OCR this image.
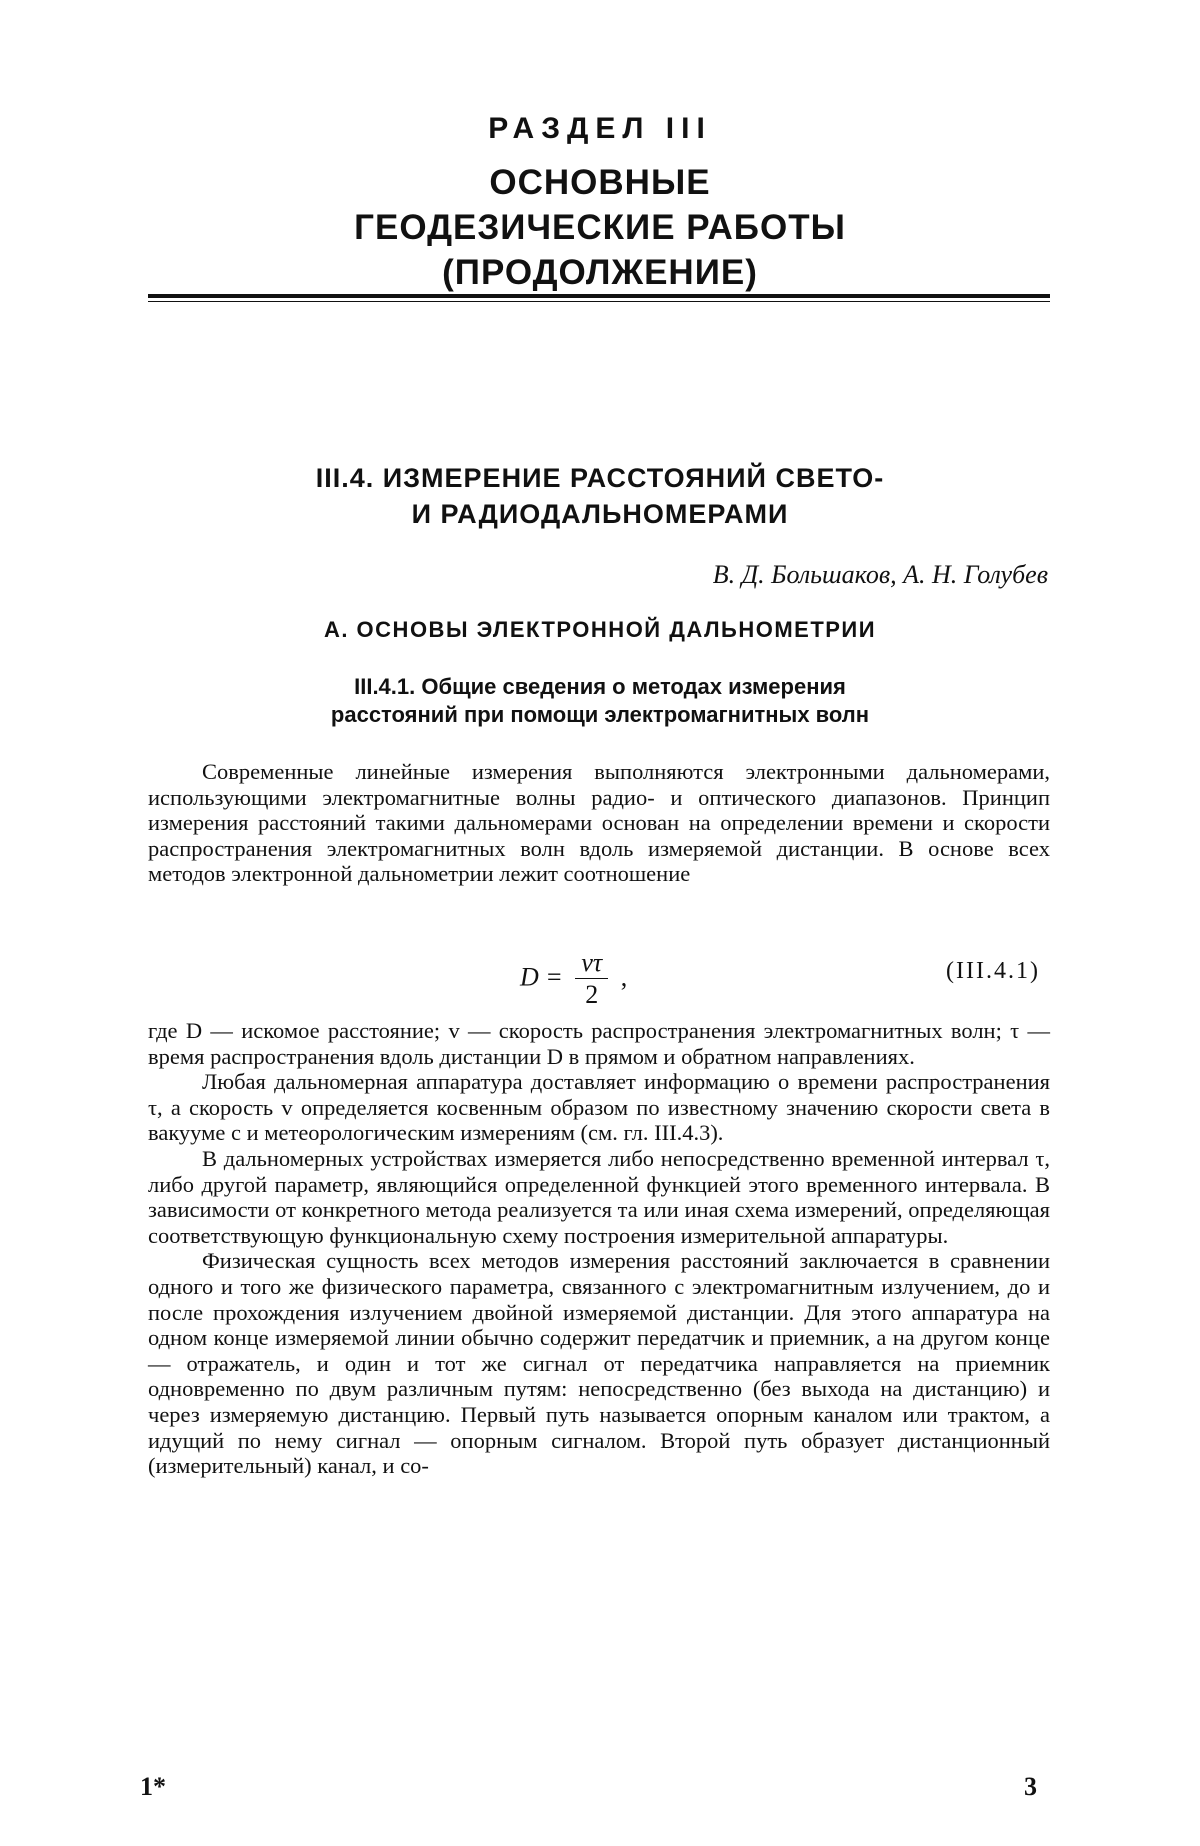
РАЗДЕЛ III
ОСНОВНЫЕ
ГЕОДЕЗИЧЕСКИЕ РАБОТЫ
(ПРОДОЛЖЕНИЕ)
III.4. ИЗМЕРЕНИЕ РАССТОЯНИЙ СВЕТО-
И РАДИОДАЛЬНОМЕРАМИ
В. Д. Большаков, А. Н. Голубев
А. ОСНОВЫ ЭЛЕКТРОННОЙ ДАЛЬНОМЕТРИИ
III.4.1. Общие сведения о методах измерения
расстояний при помощи электромагнитных волн

Современные линейные измерения выполняются электронными дальномерами, использующими электромагнитные волны радио- и оптического диапазонов. Принцип измерения расстояний такими дальномерами основан на определении времени и скорости распространения электромагнитных волн вдоль измеряемой дистанции. В основе всех методов электронной дальнометрии лежит соотношение

$D = \frac{v\tau}{2}$ ,	(III.4.1)

где D — искомое расстояние; v — скорость распространения электромагнитных волн; τ — время распространения вдоль дистанции D в прямом и обратном направлениях.

Любая дальномерная аппаратура доставляет информацию о времени распространения τ, а скорость v определяется косвенным образом по известному значению скорости света в вакууме c и метеорологическим измерениям (см. гл. III.4.3).

В дальномерных устройствах измеряется либо непосредственно временной интервал τ, либо другой параметр, являющийся определенной функцией этого временного интервала. В зависимости от конкретного метода реализуется та или иная схема измерений, определяющая соответствующую функциональную схему построения измерительной аппаратуры.

Физическая сущность всех методов измерения расстояний заключается в сравнении одного и того же физического параметра, связанного с электромагнитным излучением, до и после прохождения излучением двойной измеряемой дистанции. Для этого аппаратура на одном конце измеряемой линии обычно содержит передатчик и приемник, а на другом конце — отражатель, и один и тот же сигнал от передатчика направляется на приемник одновременно по двум различным путям: непосредственно (без выхода на дистанцию) и через измеряемую дистанцию. Первый путь называется опорным каналом или трактом, а идущий по нему сигнал — опорным сигналом. Второй путь образует дистанционный (измерительный) канал, и со-

1*	3
